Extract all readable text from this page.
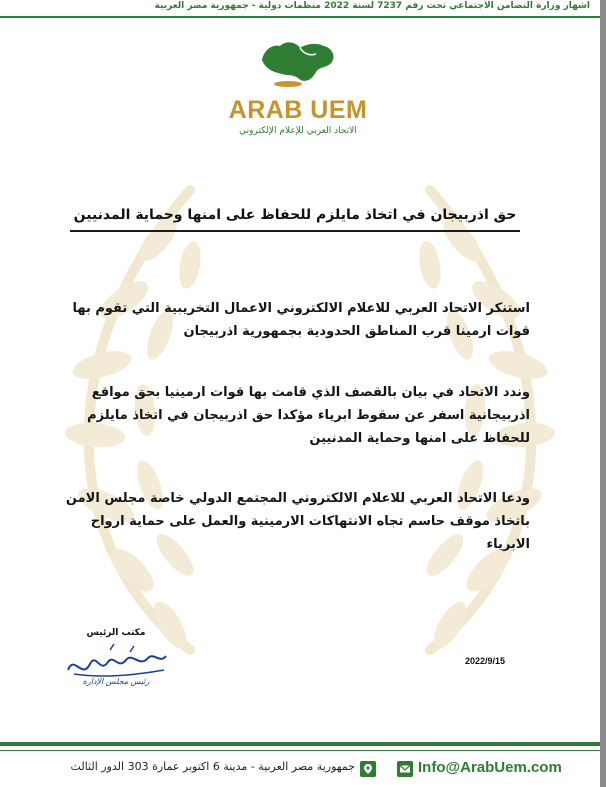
اشهار وزارة التضامن الاجتماعي تحت رقم 7237 لسنة 2022 منظمات دولية - جمهورية مصر العربية
ARAB UEM
الاتحاد العربي للإعلام الإلكتروني
حق اذربيجان في اتخاذ مايلزم للحفاظ على امنها وحماية المدنيين
استنكر الاتحاد العربي للاعلام الالكتروني الاعمال التخريبية التي تقوم بها قوات ارمينا قرب المناطق الحدودية بجمهورية اذربيجان
وندد الاتحاد في بيان بالقصف الذي قامت بها قوات ارمينيا بحق مواقع اذربيجانية اسفر عن سقوط ابرياء مؤكدا حق اذربيجان في اتخاذ مايلزم للحفاظ على امنها وحماية المدنيين
ودعا الاتحاد العربي للاعلام الالكتروني المجتمع الدولي خاصة مجلس الامن باتخاذ موقف حاسم تجاه الانتهاكات الارمينية والعمل على حماية ارواح الابرياء
مكتب الرئيس
رئيس مجلس الإدارة
2022/9/15
جمهورية مصر العربية - مدينة 6 اكتوبر عمارة 303 الدور الثالث	Info@ArabUem.com
